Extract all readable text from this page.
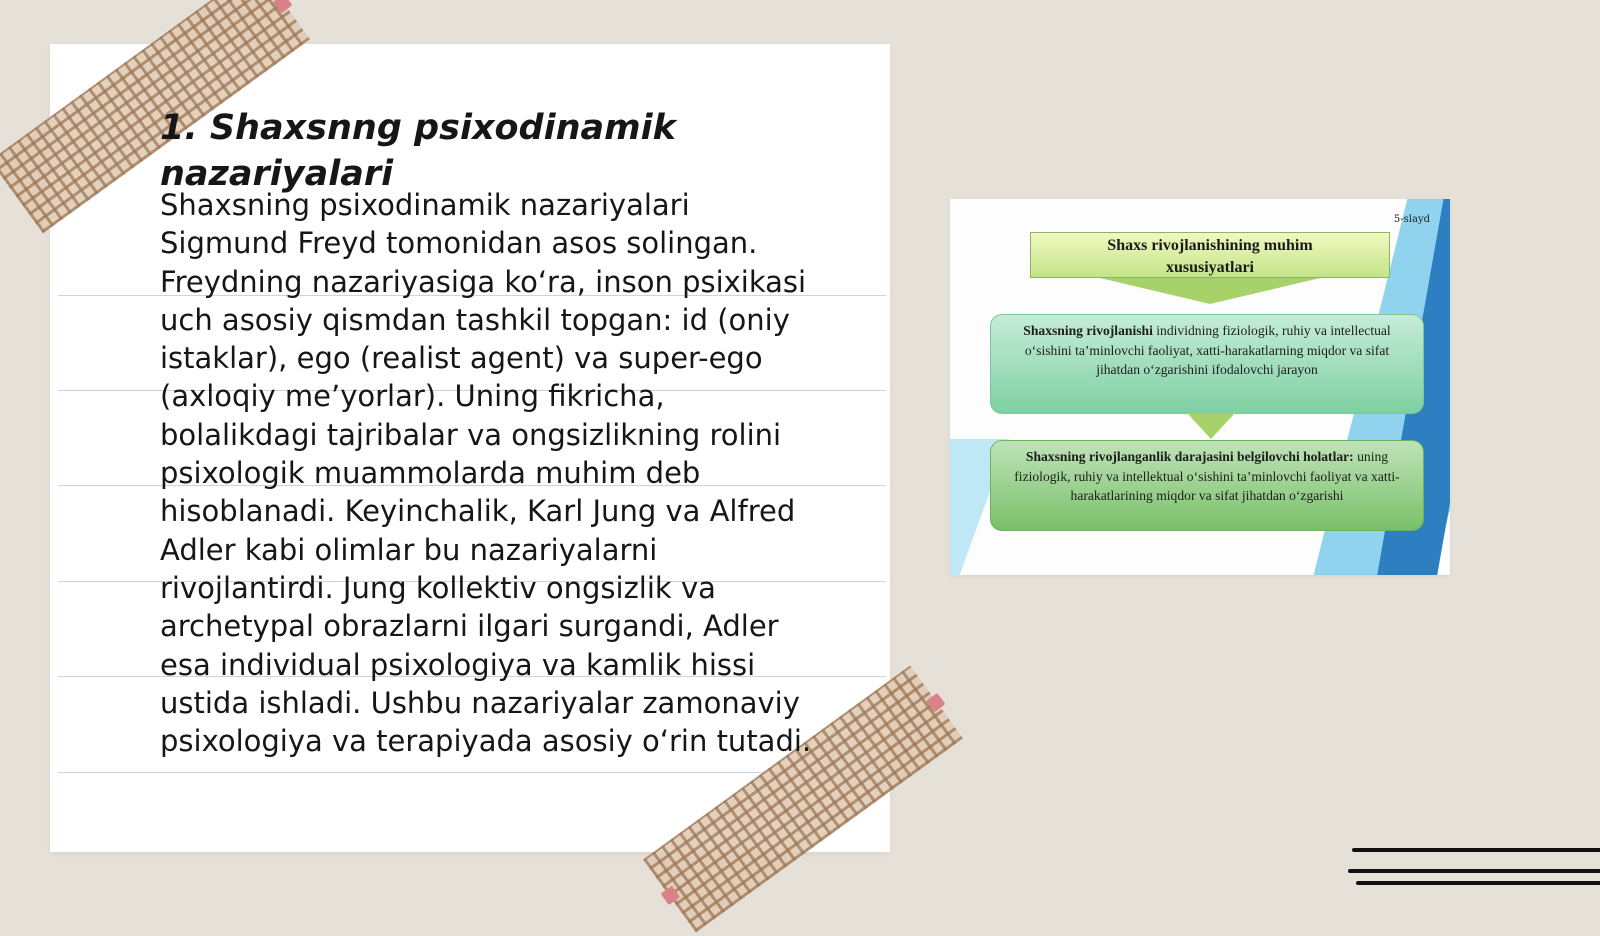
1. Shaxsnng psixodinamik nazariyalari

Shaxsning psixodinamik nazariyalari
Sigmund Freyd tomonidan asos solingan.
Freydning nazariyasiga koʻra, inson psixikasi
uch asosiy qismdan tashkil topgan: id (oniy
istaklar), ego (realist agent) va super-ego
(axloqiy me’yorlar). Uning fikricha,
bolalikdagi tajribalar va ongsizlikning rolini
psixologik muammolarda muhim deb
hisoblanadi. Keyinchalik, Karl Jung va Alfred
Adler kabi olimlar bu nazariyalarni
rivojlantirdi. Jung kollektiv ongsizlik va
archetypal obrazlarni ilgari surgandi, Adler
esa individual psixologiya va kamlik hissi
ustida ishladi. Ushbu nazariyalar zamonaviy
psixologiya va terapiyada asosiy oʻrin tutadi.

5-slayd
Shaxs rivojlanishining muhim
xususiyatlari
Shaxsning rivojlanishi individning fiziologik, ruhiy va intellectual oʻsishini ta’minlovchi faoliyat, xatti-harakatlarning miqdor va sifat jihatdan oʻzgarishini ifodalovchi jarayon
Shaxsning rivojlanganlik darajasini belgilovchi holatlar: uning fiziologik, ruhiy va intellektual oʻsishini ta’minlovchi faoliyat va xatti-harakatlarining miqdor va sifat jihatdan oʻzgarishi
